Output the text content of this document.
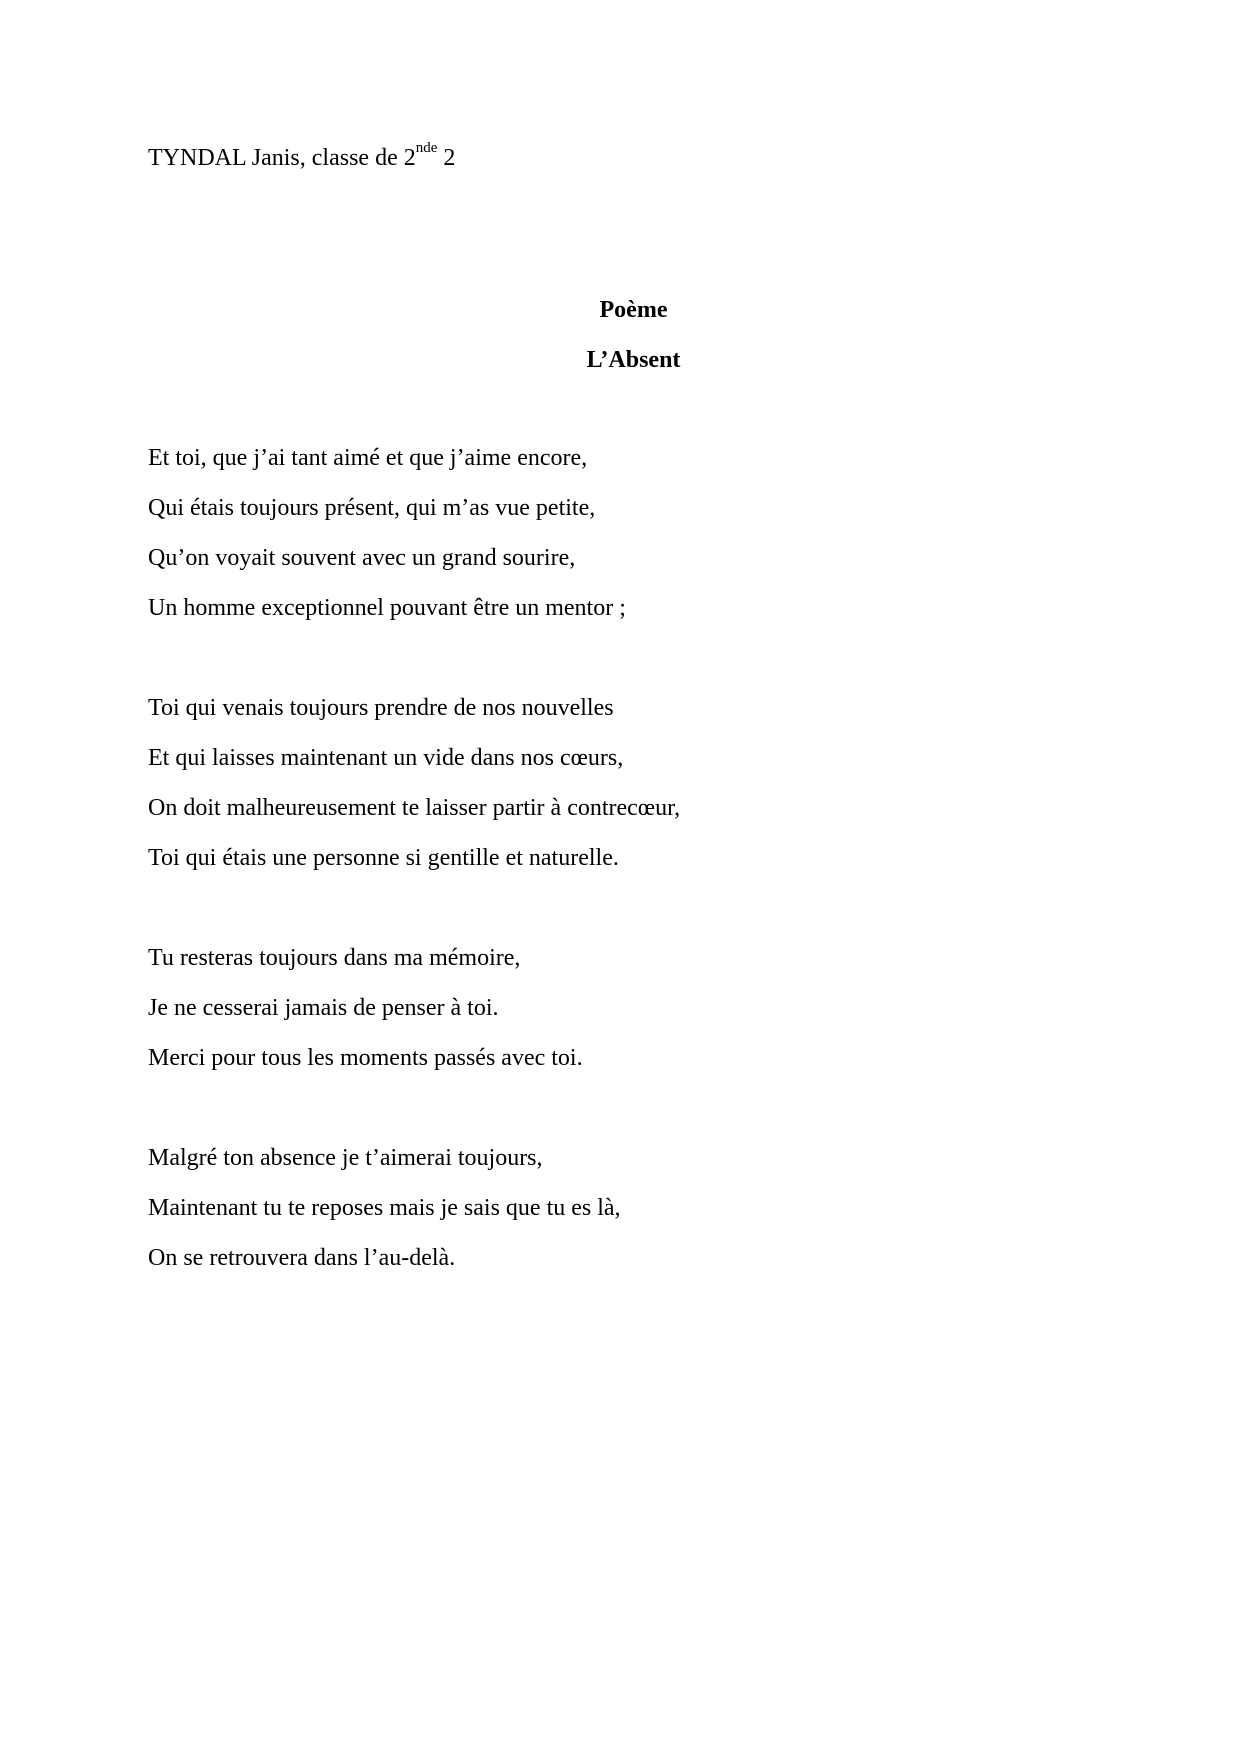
TYNDAL Janis, classe de 2nde 2
Poème
L’Absent
Et toi, que j’ai tant aimé et que j’aime encore,
Qui étais toujours présent, qui m’as vue petite,
Qu’on voyait souvent avec un grand sourire,
Un homme exceptionnel pouvant être un mentor ;
Toi qui venais toujours prendre de nos nouvelles
Et qui laisses maintenant un vide dans nos cœurs,
On doit malheureusement te laisser partir à contrecœur,
Toi qui étais une personne si gentille et naturelle.
Tu resteras toujours dans ma mémoire,
Je ne cesserai jamais de penser à toi.
Merci pour tous les moments passés avec toi.
Malgré ton absence je t’aimerai toujours,
Maintenant tu te reposes mais je sais que tu es là,
On se retrouvera dans l’au-delà.
